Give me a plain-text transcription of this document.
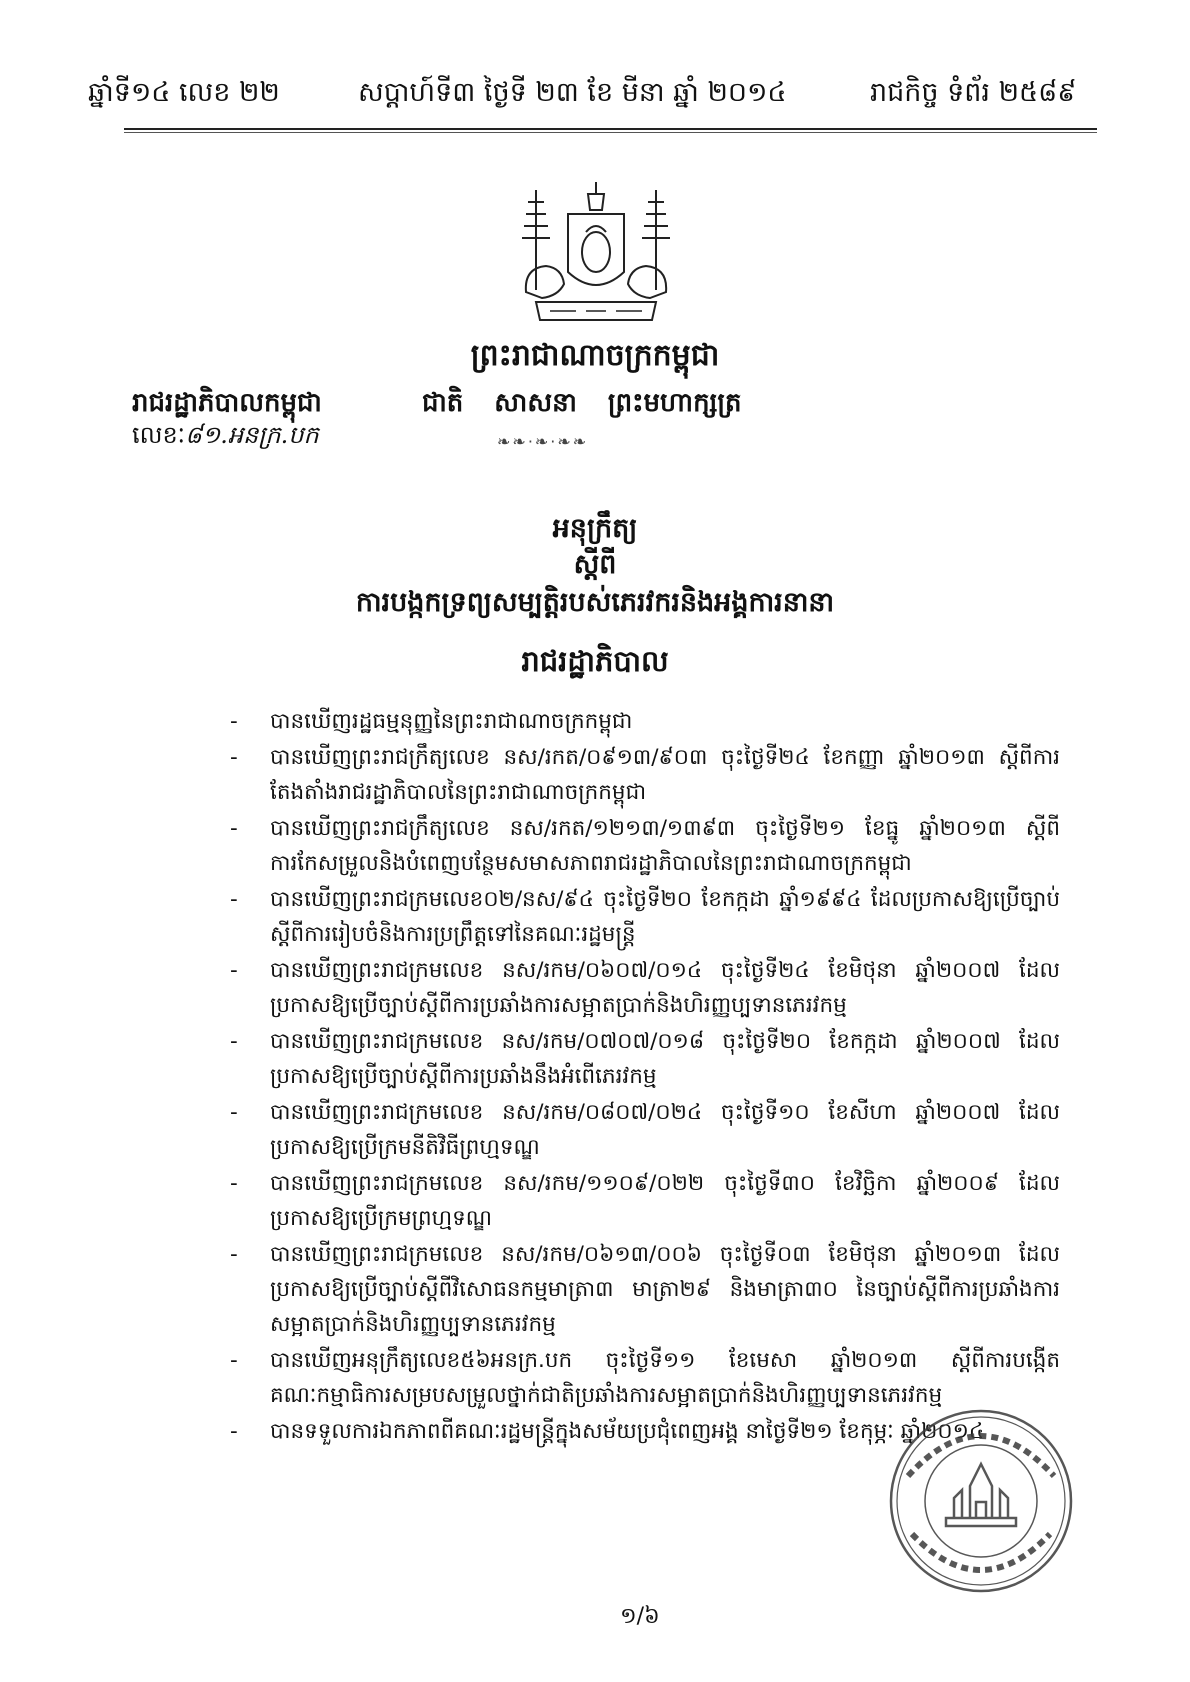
ឆ្នាំទី១៤ លេខ ២២	សប្តាហ៍ទី៣ ថ្ងៃទី ២៣ ខែ មីនា ឆ្នាំ ២០១៤	រាជកិច្ច ទំព័រ ២៥៨៩
ព្រះរាជាណាចក្រកម្ពុជា
រាជរដ្ឋាភិបាលកម្ពុជា
លេខៈ៨១.អនក្រ.បក
ជាតិ សាសនា ព្រះមហាក្សត្រ
❧❧·❧·❧❧
អនុក្រឹត្យ
ស្តីពី
ការបង្កកទ្រព្យសម្បត្តិរបស់ភេរវករនិងអង្គការនានា
រាជរដ្ឋាភិបាល
- បានឃើញរដ្ឋធម្មនុញ្ញនៃព្រះរាជាណាចក្រកម្ពុជា
- បានឃើញព្រះរាជក្រឹត្យលេខ នស/រកត/០៩១៣/៩០៣ ចុះថ្ងៃទី២៤ ខែកញ្ញា ឆ្នាំ២០១៣ ស្តីពីការតែងតាំងរាជរដ្ឋាភិបាលនៃព្រះរាជាណាចក្រកម្ពុជា
- បានឃើញព្រះរាជក្រឹត្យលេខ នស/រកត/១២១៣/១៣៩៣ ចុះថ្ងៃទី២១ ខែធ្នូ ឆ្នាំ២០១៣ ស្តីពីការកែសម្រួលនិងបំពេញបន្ថែមសមាសភាពរាជរដ្ឋាភិបាលនៃព្រះរាជាណាចក្រកម្ពុជា
- បានឃើញព្រះរាជក្រមលេខ០២/នស/៩៤ ចុះថ្ងៃទី២០ ខែកក្កដា ឆ្នាំ១៩៩៤ ដែលប្រកាសឱ្យប្រើច្បាប់ស្តីពីការរៀបចំនិងការប្រព្រឹត្តទៅនៃគណៈរដ្ឋមន្ត្រី
- បានឃើញព្រះរាជក្រមលេខ នស/រកម/០៦០៧/០១៤ ចុះថ្ងៃទី២៤ ខែមិថុនា ឆ្នាំ២០០៧ ដែលប្រកាសឱ្យប្រើច្បាប់ស្តីពីការប្រឆាំងការសម្អាតប្រាក់និងហិរញ្ញប្បទានភេរវកម្ម
- បានឃើញព្រះរាជក្រមលេខ នស/រកម/០៧០៧/០១៨ ចុះថ្ងៃទី២០ ខែកក្កដា ឆ្នាំ២០០៧ ដែលប្រកាសឱ្យប្រើច្បាប់ស្តីពីការប្រឆាំងនឹងអំពើភេរវកម្ម
- បានឃើញព្រះរាជក្រមលេខ នស/រកម/០៨០៧/០២៤ ចុះថ្ងៃទី១០ ខែសីហា ឆ្នាំ២០០៧ ដែលប្រកាសឱ្យប្រើក្រមនីតិវិធីព្រហ្មទណ្ឌ
- បានឃើញព្រះរាជក្រមលេខ នស/រកម/១១០៩/០២២ ចុះថ្ងៃទី៣០ ខែវិច្ឆិកា ឆ្នាំ២០០៩ ដែលប្រកាសឱ្យប្រើក្រមព្រហ្មទណ្ឌ
- បានឃើញព្រះរាជក្រមលេខ នស/រកម/០៦១៣/០០៦ ចុះថ្ងៃទី០៣ ខែមិថុនា ឆ្នាំ២០១៣ ដែលប្រកាសឱ្យប្រើច្បាប់ស្តីពីវិសោធនកម្មមាត្រា៣ មាត្រា២៩ និងមាត្រា៣០ នៃច្បាប់ស្តីពីការប្រឆាំងការសម្អាតប្រាក់និងហិរញ្ញប្បទានភេរវកម្ម
- បានឃើញអនុក្រឹត្យលេខ៥៦អនក្រ.បក ចុះថ្ងៃទី១១ ខែមេសា ឆ្នាំ២០១៣ ស្តីពីការបង្កើតគណៈកម្មាធិការសម្របសម្រួលថ្នាក់ជាតិប្រឆាំងការសម្អាតប្រាក់និងហិរញ្ញប្បទានភេរវកម្ម
- បានទទួលការឯកភាពពីគណៈរដ្ឋមន្ត្រីក្នុងសម័យប្រជុំពេញអង្គ នាថ្ងៃទី២១ ខែកុម្ភៈ ឆ្នាំ២០១៤
១/៦
